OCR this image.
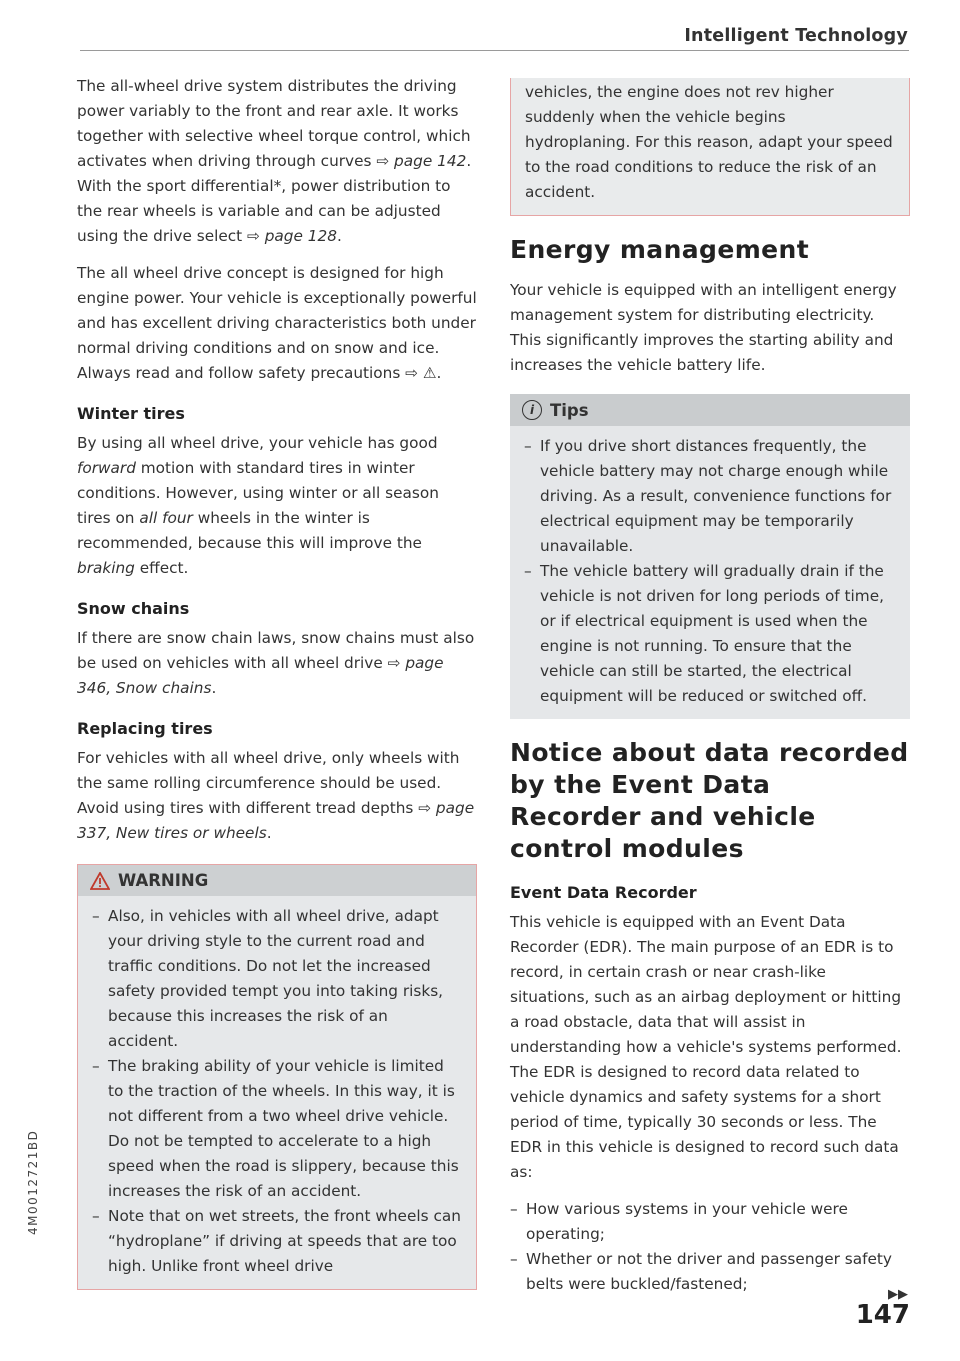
Intelligent Technology

The all-wheel drive system distributes the driving power variably to the front and rear axle. It works together with selective wheel torque control, which activates when driving through curves ⇨ page 142. With the sport differential*, power distribution to the rear wheels is variable and can be adjusted using the drive select ⇨ page 128.

The all wheel drive concept is designed for high engine power. Your vehicle is exceptionally powerful and has excellent driving characteristics both under normal driving conditions and on snow and ice. Always read and follow safety precautions ⇨ ⚠.

Winter tires

By using all wheel drive, your vehicle has good forward motion with standard tires in winter conditions. However, using winter or all season tires on all four wheels in the winter is recommended, because this will improve the braking effect.

Snow chains

If there are snow chain laws, snow chains must also be used on vehicles with all wheel drive ⇨ page 346, Snow chains.

Replacing tires

For vehicles with all wheel drive, only wheels with the same rolling circumference should be used. Avoid using tires with different tread depths ⇨ page 337, New tires or wheels.

WARNING
– Also, in vehicles with all wheel drive, adapt your driving style to the current road and traffic conditions. Do not let the increased safety provided tempt you into taking risks, because this increases the risk of an accident.
– The braking ability of your vehicle is limited to the traction of the wheels. In this way, it is not different from a two wheel drive vehicle. Do not be tempted to accelerate to a high speed when the road is slippery, because this increases the risk of an accident.
– Note that on wet streets, the front wheels can “hydroplane” if driving at speeds that are too high. Unlike front wheel drive

vehicles, the engine does not rev higher suddenly when the vehicle begins hydroplaning. For this reason, adapt your speed to the road conditions to reduce the risk of an accident.

Energy management

Your vehicle is equipped with an intelligent energy management system for distributing electricity. This significantly improves the starting ability and increases the vehicle battery life.

i Tips
– If you drive short distances frequently, the vehicle battery may not charge enough while driving. As a result, convenience functions for electrical equipment may be temporarily unavailable.
– The vehicle battery will gradually drain if the vehicle is not driven for long periods of time, or if electrical equipment is used when the engine is not running. To ensure that the vehicle can still be started, the electrical equipment will be reduced or switched off.
Notice about data recorded by the Event Data Recorder and vehicle control modules
Event Data Recorder

This vehicle is equipped with an Event Data Recorder (EDR). The main purpose of an EDR is to record, in certain crash or near crash-like situations, such as an airbag deployment or hitting a road obstacle, data that will assist in understanding how a vehicle's systems performed. The EDR is designed to record data related to vehicle dynamics and safety systems for a short period of time, typically 30 seconds or less. The EDR in this vehicle is designed to record such data as:

– How various systems in your vehicle were operating;
– Whether or not the driver and passenger safety belts were buckled/fastened;
▶▶
147
4M0012721BD
